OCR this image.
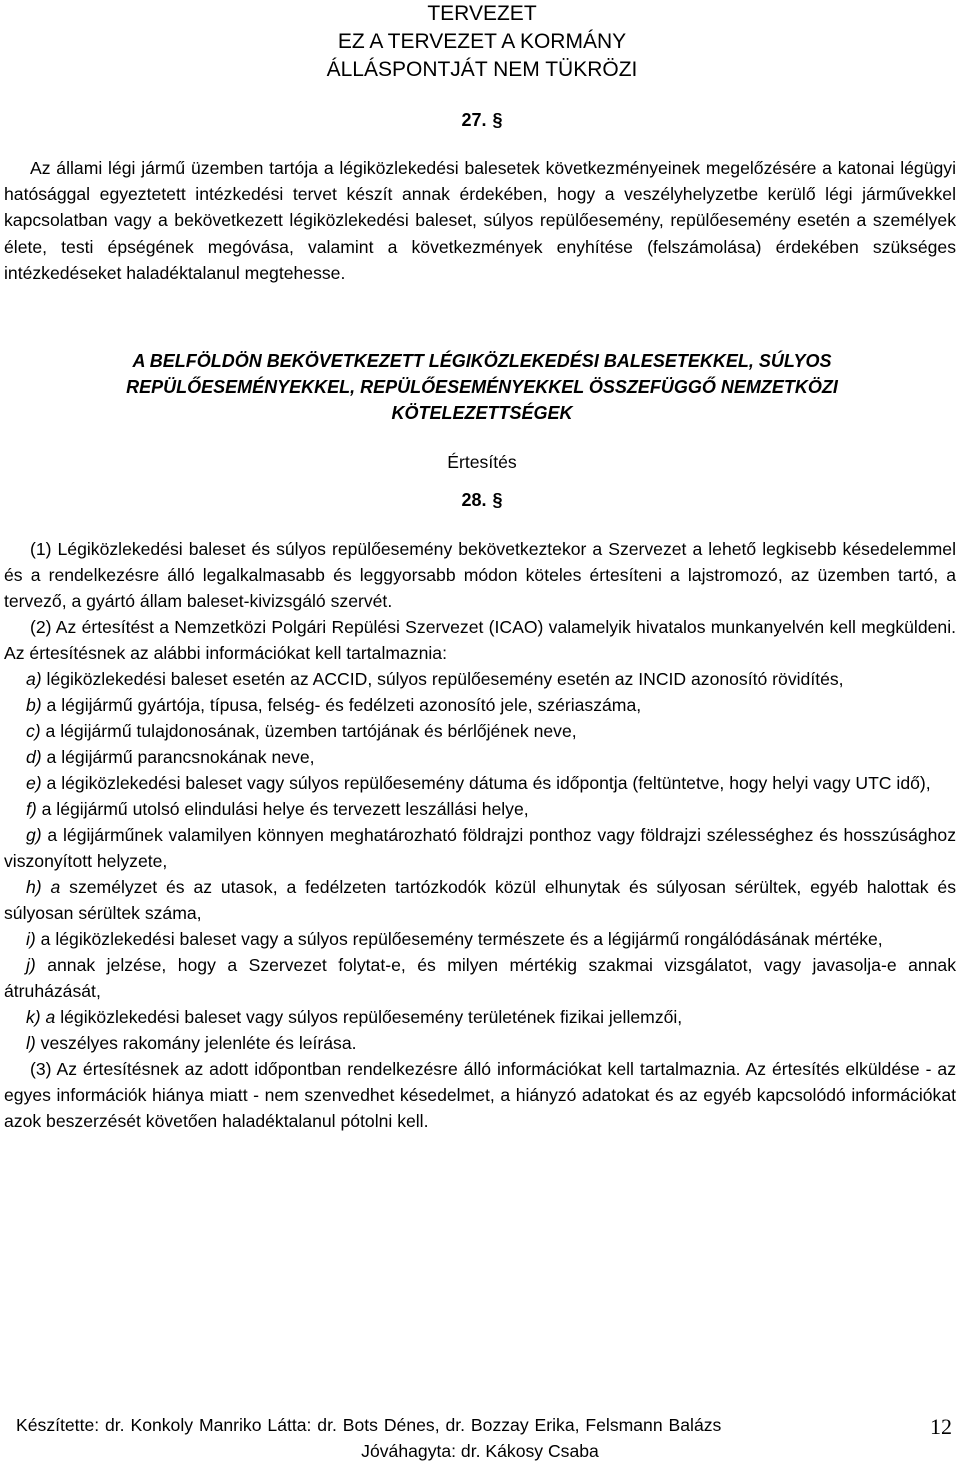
TERVEZET
EZ A TERVEZET A KORMÁNY
ÁLLÁSPONTJÁT NEM TÜKRÖZI
27. §

Az állami légi jármű üzemben tartója a légiközlekedési balesetek következményeinek megelőzésére a katonai légügyi hatósággal egyeztetett intézkedési tervet készít annak érdekében, hogy a veszélyhelyzetbe kerülő légi járművekkel kapcsolatban vagy a bekövetkezett légiközlekedési baleset, súlyos repülőesemény, repülőesemény esetén a személyek élete, testi épségének megóvása, valamint a következmények enyhítése (felszámolása) érdekében szükséges intézkedéseket haladéktalanul megtehesse.

A BELFÖLDÖN BEKÖVETKEZETT LÉGIKÖZLEKEDÉSI BALESETEKKEL, SÚLYOS
REPÜLŐESEMÉNYEKKEL, REPÜLŐESEMÉNYEKKEL ÖSSZEFÜGGŐ NEMZETKÖZI
KÖTELEZETTSÉGEK
Értesítés
28. §

(1) Légiközlekedési baleset és súlyos repülőesemény bekövetkeztekor a Szervezet a lehető legkisebb késedelemmel és a rendelkezésre álló legalkalmasabb és leggyorsabb módon köteles értesíteni a lajstromozó, az üzemben tartó, a tervező, a gyártó állam baleset-kivizsgáló szervét.

(2) Az értesítést a Nemzetközi Polgári Repülési Szervezet (ICAO) valamelyik hivatalos munkanyelvén kell megküldeni. Az értesítésnek az alábbi információkat kell tartalmaznia:

a) légiközlekedési baleset esetén az ACCID, súlyos repülőesemény esetén az INCID azonosító rövidítés,

b) a légijármű gyártója, típusa, felség- és fedélzeti azonosító jele, szériaszáma,

c) a légijármű tulajdonosának, üzemben tartójának és bérlőjének neve,

d) a légijármű parancsnokának neve,

e) a légiközlekedési baleset vagy súlyos repülőesemény dátuma és időpontja (feltüntetve, hogy helyi vagy UTC idő),

f) a légijármű utolsó elindulási helye és tervezett leszállási helye,

g) a légijárműnek valamilyen könnyen meghatározható földrajzi ponthoz vagy földrajzi szélességhez és hosszúsághoz viszonyított helyzete,

h) a személyzet és az utasok, a fedélzeten tartózkodók közül elhunytak és súlyosan sérültek, egyéb halottak és súlyosan sérültek száma,

i) a légiközlekedési baleset vagy a súlyos repülőesemény természete és a légijármű rongálódásának mértéke,

j) annak jelzése, hogy a Szervezet folytat-e, és milyen mértékig szakmai vizsgálatot, vagy javasolja-e annak átruházását,

k) a légiközlekedési baleset vagy súlyos repülőesemény területének fizikai jellemzői,

l) veszélyes rakomány jelenléte és leírása.

(3) Az értesítésnek az adott időpontban rendelkezésre álló információkat kell tartalmaznia. Az értesítés elküldése - az egyes információk hiánya miatt - nem szenvedhet késedelmet, a hiányzó adatokat és az egyéb kapcsolódó információkat azok beszerzését követően haladéktalanul pótolni kell.

Készítette: dr. Konkoly Manriko Látta: dr. Bots Dénes, dr. Bozzay Erika, Felsmann Balázs
Jóváhagyta: dr. Kákosy Csaba
12
